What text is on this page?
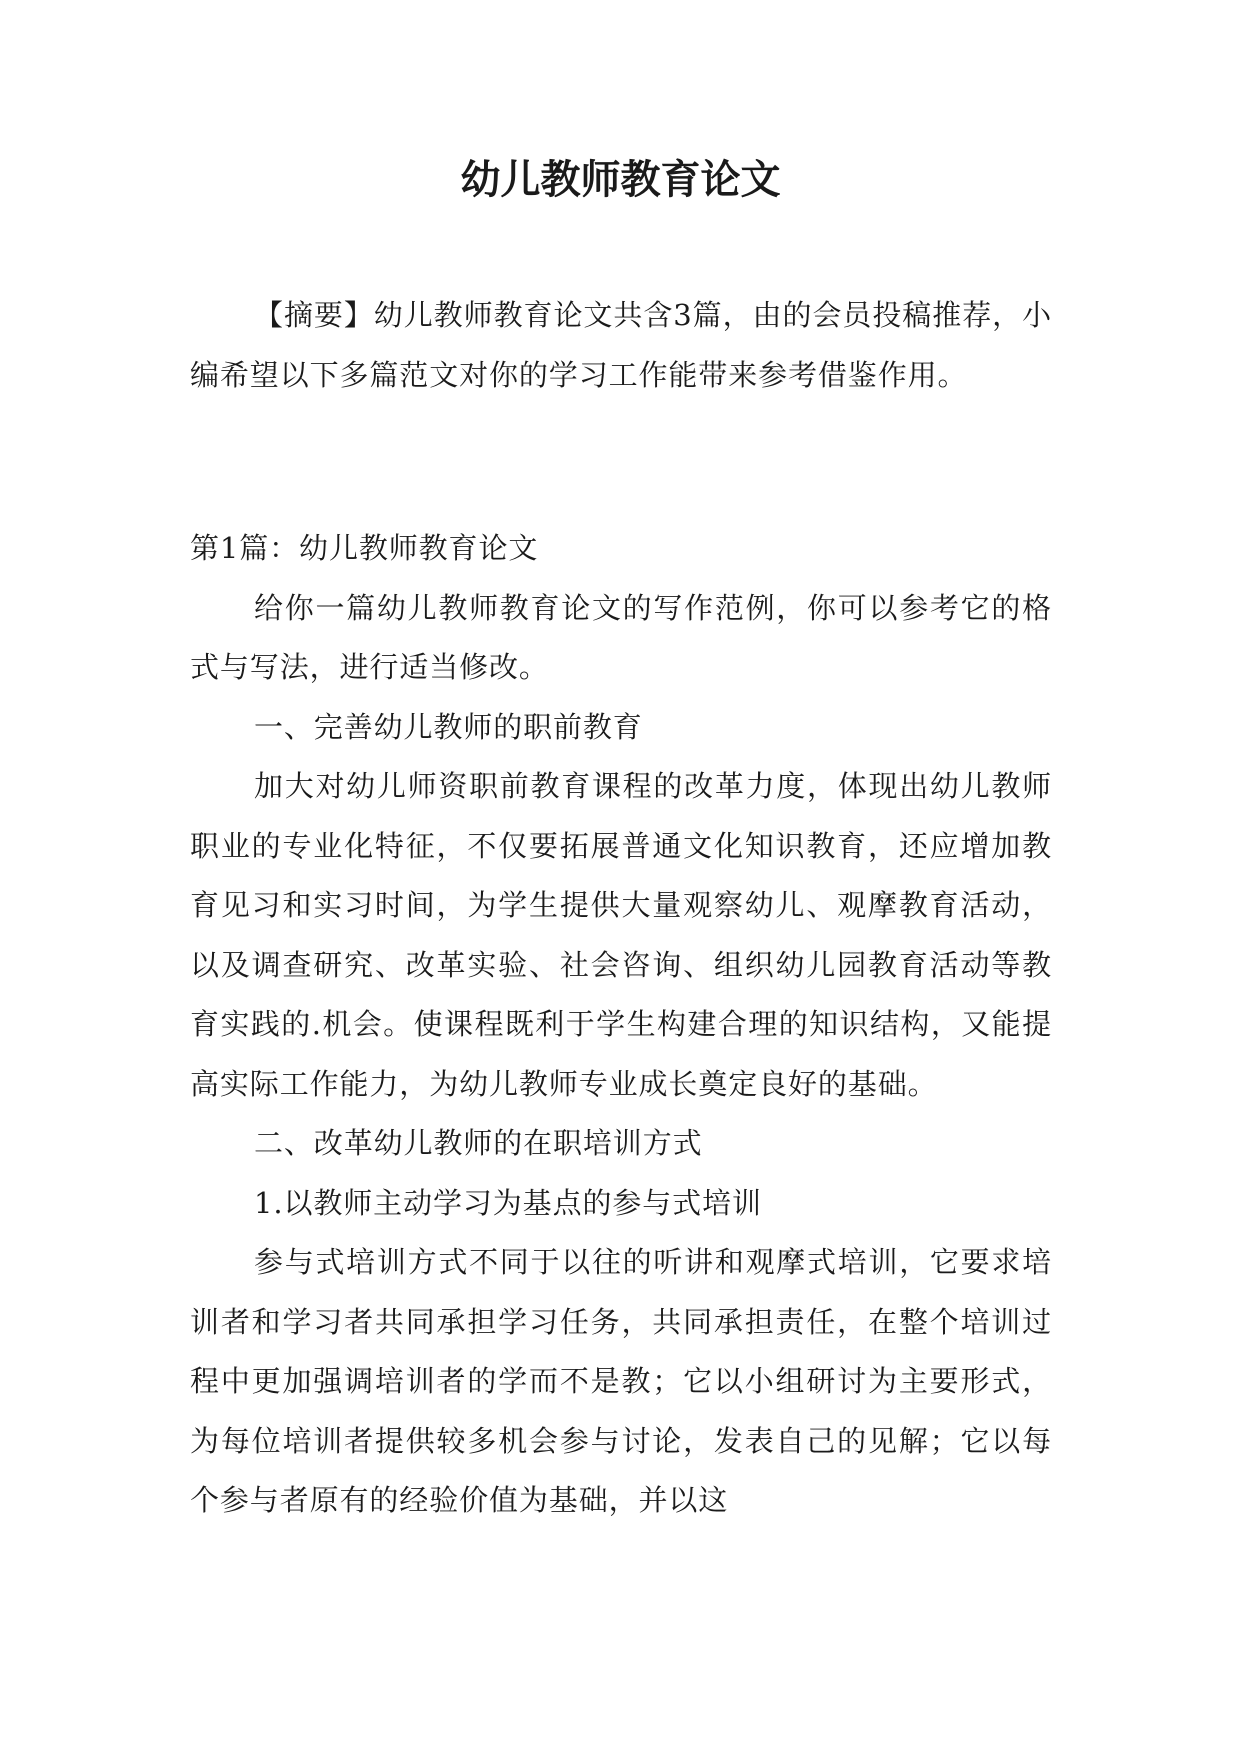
幼儿教师教育论文

【摘要】幼儿教师教育论文共含3篇，由的会员投稿推荐，小编希望以下多篇范文对你的学习工作能带来参考借鉴作用。

第1篇：幼儿教师教育论文

给你一篇幼儿教师教育论文的写作范例，你可以参考它的格式与写法，进行适当修改。

一、完善幼儿教师的职前教育

加大对幼儿师资职前教育课程的改革力度，体现出幼儿教师职业的专业化特征，不仅要拓展普通文化知识教育，还应增加教育见习和实习时间，为学生提供大量观察幼儿、观摩教育活动，以及调查研究、改革实验、社会咨询、组织幼儿园教育活动等教育实践的.机会。使课程既利于学生构建合理的知识结构，又能提高实际工作能力，为幼儿教师专业成长奠定良好的基础。

二、改革幼儿教师的在职培训方式

1.以教师主动学习为基点的参与式培训

参与式培训方式不同于以往的听讲和观摩式培训，它要求培训者和学习者共同承担学习任务，共同承担责任，在整个培训过程中更加强调培训者的学而不是教；它以小组研讨为主要形式，为每位培训者提供较多机会参与讨论，发表自己的见解；它以每个参与者原有的经验价值为基础，并以这
